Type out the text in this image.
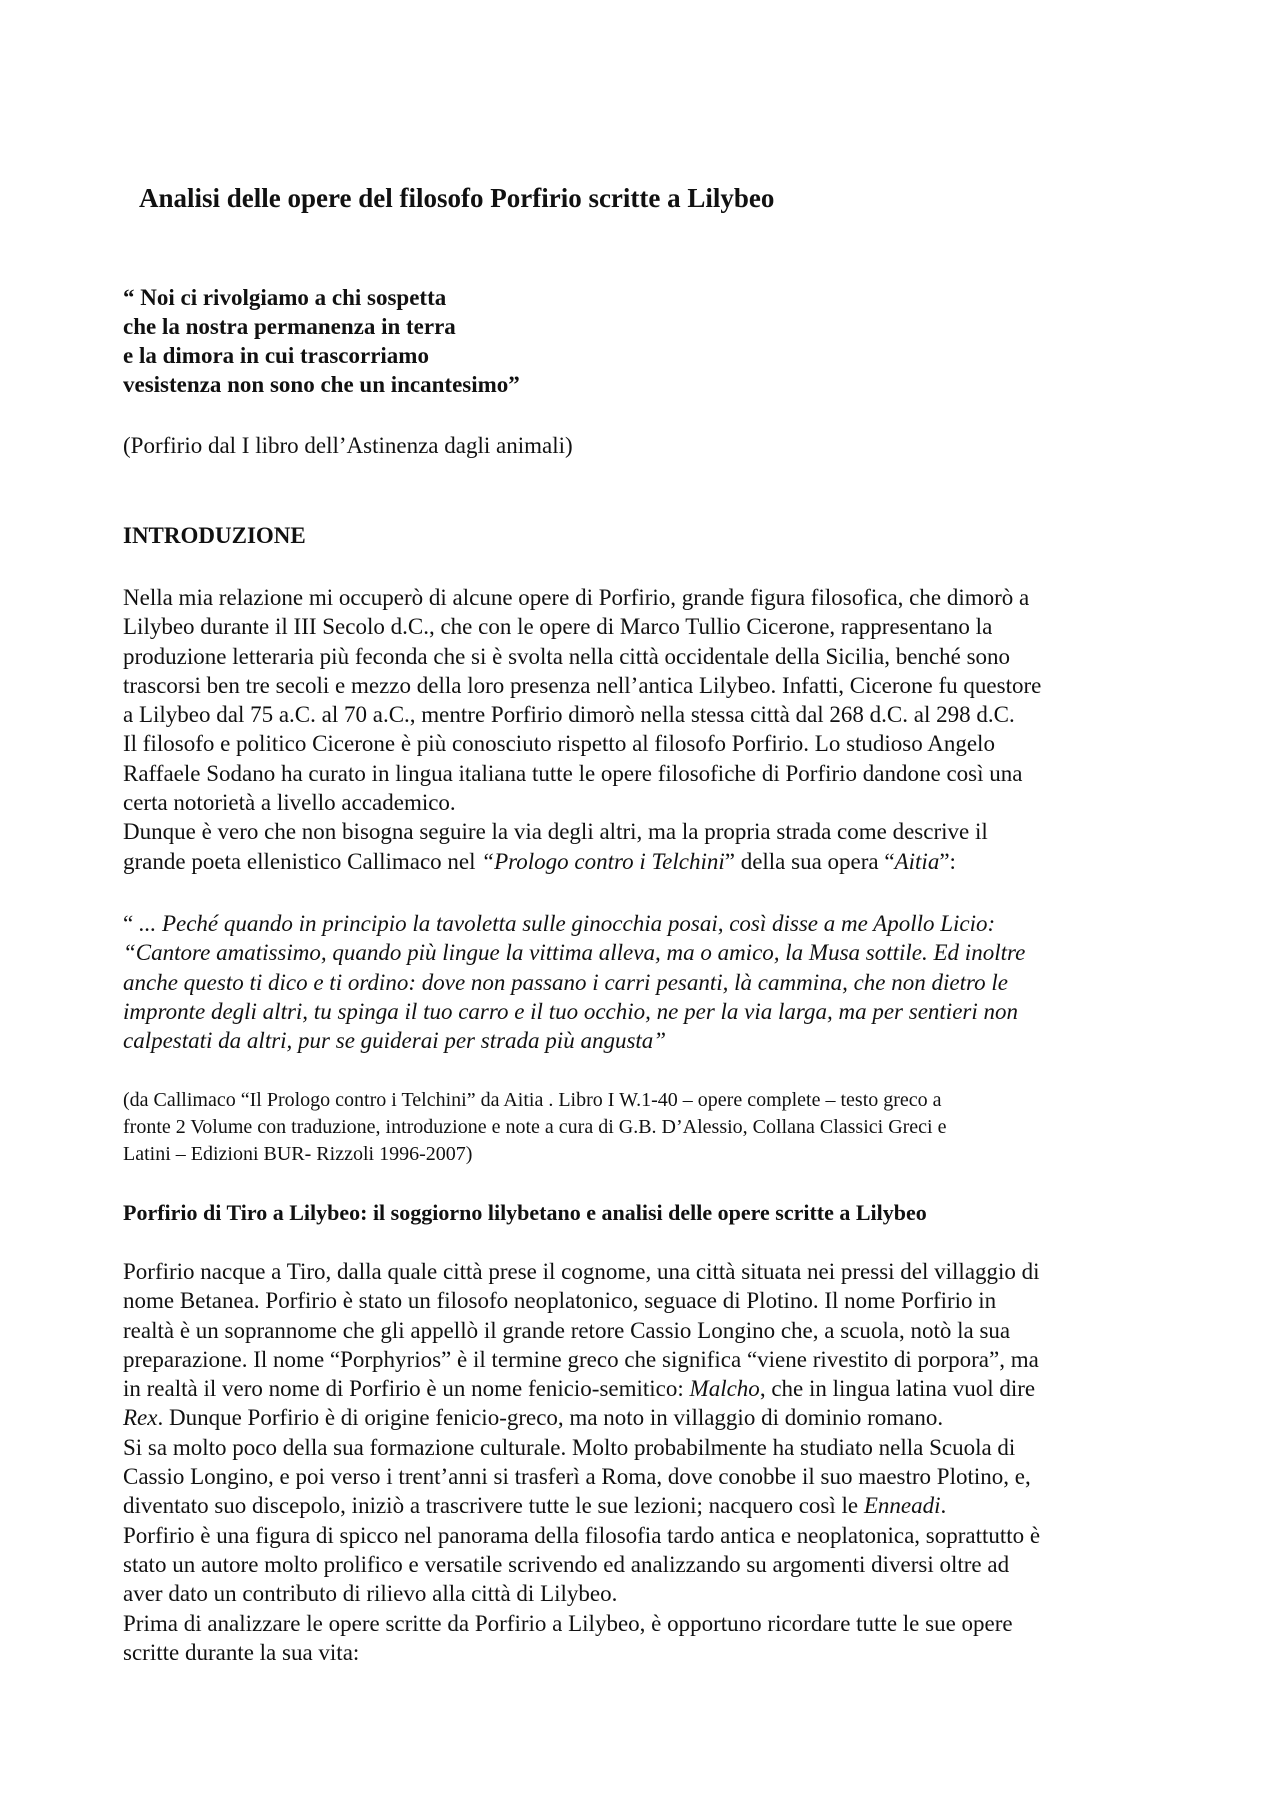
Analisi delle opere del filosofo Porfirio scritte a Lilybeo
“ Noi ci rivolgiamo a chi sospetta
che la nostra permanenza in terra
e la dimora in cui trascorriamo
vesistenza non sono che un incantesimo”

(Porfirio dal I libro dell’Astinenza dagli animali)

INTRODUZIONE
Nella mia relazione mi occuperò di alcune opere di Porfirio, grande figura filosofica, che dimorò a
Lilybeo durante il III Secolo d.C., che con le opere di Marco Tullio Cicerone, rappresentano la
produzione letteraria più feconda che si è svolta nella città occidentale della Sicilia, benché sono
trascorsi ben tre secoli e mezzo della loro presenza nell’antica Lilybeo. Infatti, Cicerone fu questore
a Lilybeo dal 75 a.C. al 70 a.C., mentre Porfirio dimorò nella stessa città dal 268 d.C. al 298 d.C.
Il filosofo e politico Cicerone è più conosciuto rispetto al filosofo Porfirio. Lo studioso Angelo
Raffaele Sodano ha curato in lingua italiana tutte le opere filosofiche di Porfirio dandone così una
certa notorietà a livello accademico.
Dunque è vero che non bisogna seguire la via degli altri, ma la propria strada come descrive il
grande poeta ellenistico Callimaco nel “Prologo contro i Telchini” della sua opera “Aitia”:
“ ... Peché quando in principio la tavoletta sulle ginocchia posai, così disse a me Apollo Licio:
“Cantore amatissimo, quando più lingue la vittima alleva, ma o amico, la Musa sottile. Ed inoltre
anche questo ti dico e ti ordino: dove non passano i carri pesanti, là cammina, che non dietro le
impronte degli altri, tu spinga il tuo carro e il tuo occhio, ne per la via larga, ma per sentieri non
calpestati da altri, pur se guiderai per strada più angusta”
(da Callimaco “Il Prologo contro i Telchini” da Aitia . Libro I W.1-40 – opere complete – testo greco a
fronte 2 Volume con traduzione, introduzione e note a cura di G.B. D’Alessio, Collana Classici Greci e
Latini – Edizioni BUR- Rizzoli 1996-2007)
Porfirio di Tiro a Lilybeo: il soggiorno lilybetano e analisi delle opere scritte a Lilybeo
Porfirio nacque a Tiro, dalla quale città prese il cognome, una città situata nei pressi del villaggio di
nome Betanea. Porfirio è stato un filosofo neoplatonico, seguace di Plotino. Il nome Porfirio in
realtà è un soprannome che gli appellò il grande retore Cassio Longino che, a scuola, notò la sua
preparazione. Il nome “Porphyrios” è il termine greco che significa “viene rivestito di porpora”, ma
in realtà il vero nome di Porfirio è un nome fenicio-semitico: Malcho, che in lingua latina vuol dire
Rex. Dunque Porfirio è di origine fenicio-greco, ma noto in villaggio di dominio romano.
Si sa molto poco della sua formazione culturale. Molto probabilmente ha studiato nella Scuola di
Cassio Longino, e poi verso i trent’anni si trasferì a Roma, dove conobbe il suo maestro Plotino, e,
diventato suo discepolo, iniziò a trascrivere tutte le sue lezioni; nacquero così le Enneadi.
Porfirio è una figura di spicco nel panorama della filosofia tardo antica e neoplatonica, soprattutto è
stato un autore molto prolifico e versatile scrivendo ed analizzando su argomenti diversi oltre ad
aver dato un contributo di rilievo alla città di Lilybeo.
Prima di analizzare le opere scritte da Porfirio a Lilybeo, è opportuno ricordare tutte le sue opere
scritte durante la sua vita:
